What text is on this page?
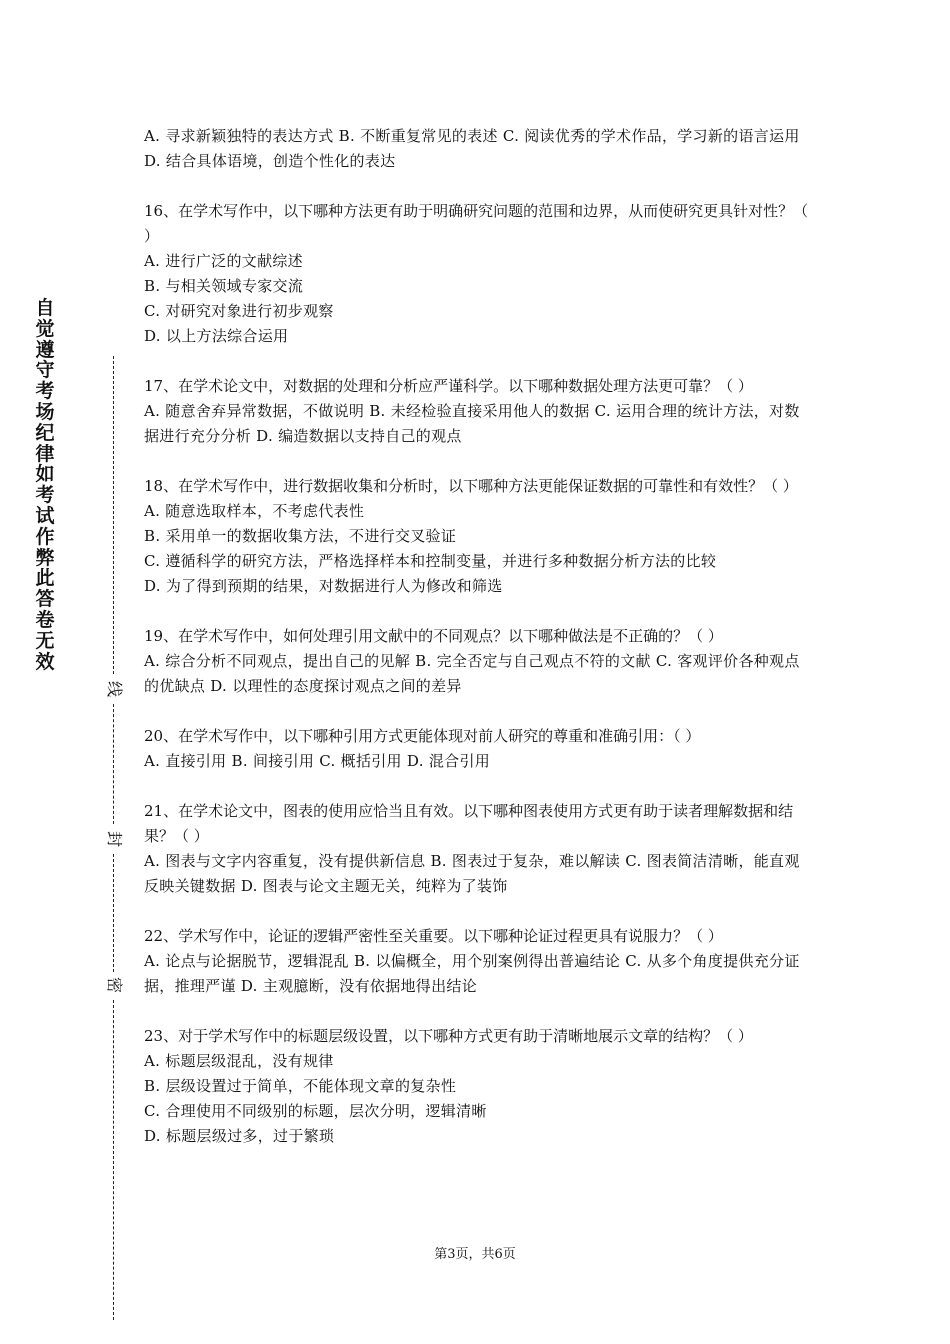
自
觉
遵
守
考
场
纪
律
如
考
试
作
弊
此
答
卷
无
效
线
封
密

A. 寻求新颖独特的表达方式 B. 不断重复常见的表述 C. 阅读优秀的学术作品，学习新的语言运用 D. 结合具体语境，创造个性化的表达

16、在学术写作中，以下哪种方法更有助于明确研究问题的范围和边界，从而使研究更具针对性？（ ）

A. 进行广泛的文献综述

B. 与相关领域专家交流

C. 对研究对象进行初步观察

D. 以上方法综合运用

17、在学术论文中，对数据的处理和分析应严谨科学。以下哪种数据处理方法更可靠？（ ）

A. 随意舍弃异常数据，不做说明 B. 未经检验直接采用他人的数据 C. 运用合理的统计方法，对数据进行充分分析 D. 编造数据以支持自己的观点

18、在学术写作中，进行数据收集和分析时，以下哪种方法更能保证数据的可靠性和有效性？（ ）

A. 随意选取样本，不考虑代表性

B. 采用单一的数据收集方法，不进行交叉验证

C. 遵循科学的研究方法，严格选择样本和控制变量，并进行多种数据分析方法的比较

D. 为了得到预期的结果，对数据进行人为修改和筛选

19、在学术写作中，如何处理引用文献中的不同观点？以下哪种做法是不正确的？（ ）

A. 综合分析不同观点，提出自己的见解 B. 完全否定与自己观点不符的文献 C. 客观评价各种观点的优缺点 D. 以理性的态度探讨观点之间的差异

20、在学术写作中，以下哪种引用方式更能体现对前人研究的尊重和准确引用：（ ）

A. 直接引用 B. 间接引用 C. 概括引用 D. 混合引用

21、在学术论文中，图表的使用应恰当且有效。以下哪种图表使用方式更有助于读者理解数据和结果？（ ）

A. 图表与文字内容重复，没有提供新信息 B. 图表过于复杂，难以解读 C. 图表简洁清晰，能直观反映关键数据 D. 图表与论文主题无关，纯粹为了装饰

22、学术写作中，论证的逻辑严密性至关重要。以下哪种论证过程更具有说服力？（ ）

A. 论点与论据脱节，逻辑混乱 B. 以偏概全，用个别案例得出普遍结论 C. 从多个角度提供充分证据，推理严谨 D. 主观臆断，没有依据地得出结论

23、对于学术写作中的标题层级设置，以下哪种方式更有助于清晰地展示文章的结构？（ ）

A. 标题层级混乱，没有规律

B. 层级设置过于简单，不能体现文章的复杂性

C. 合理使用不同级别的标题，层次分明，逻辑清晰

D. 标题层级过多，过于繁琐

第3页，共6页
